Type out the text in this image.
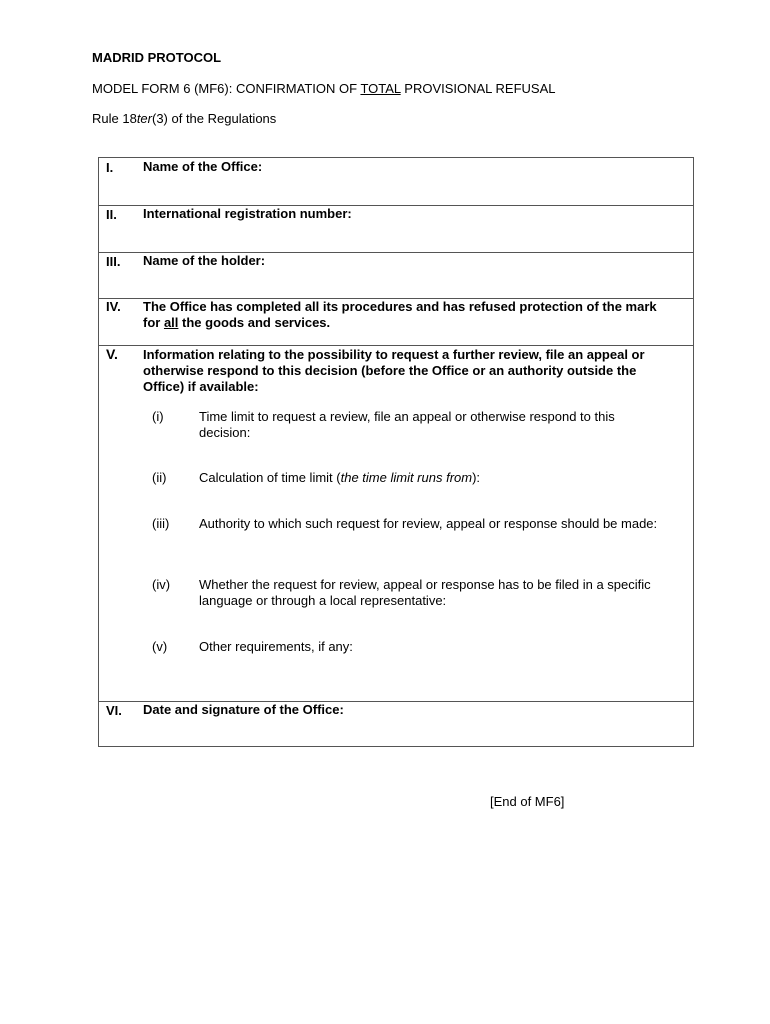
MADRID PROTOCOL
MODEL FORM 6 (MF6): CONFIRMATION OF TOTAL PROVISIONAL REFUSAL
Rule 18ter(3) of the Regulations
I. Name of the Office:
II. International registration number:
III. Name of the holder:
IV. The Office has completed all its procedures and has refused protection of the mark for all the goods and services.
V. Information relating to the possibility to request a further review, file an appeal or otherwise respond to this decision (before the Office or an authority outside the Office) if available:
(i)	Time limit to request a review, file an appeal or otherwise respond to this decision:
(ii)	Calculation of time limit (the time limit runs from):
(iii) Authority to which such request for review, appeal or response should be made:
(iv) Whether the request for review, appeal or response has to be filed in a specific language or through a local representative:
(v) Other requirements, if any:
VI. Date and signature of the Office:
[End of MF6]
